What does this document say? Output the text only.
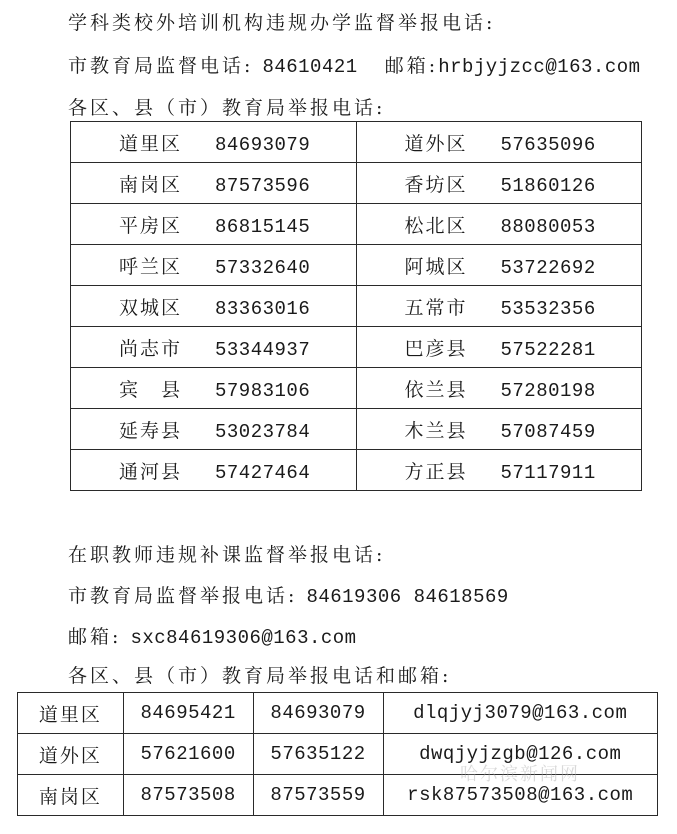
学科类校外培训机构违规办学监督举报电话:
市教育局监督电话: 84610421 邮箱:hrbjyjzcc@163.com
各区、县（市）教育局举报电话:
道里区 84693079	道外区 57635096
南岗区 87573596	香坊区 51860126
平房区 86815145	松北区 88080053
呼兰区 57332640	阿城区 53722692
双城区 83363016	五常市 53532356
尚志市 53344937	巴彦县 57522281
宾　县 57983106	依兰县 57280198
延寿县 53023784	木兰县 57087459
通河县 57427464	方正县 57117911
在职教师违规补课监督举报电话:
市教育局监督举报电话: 84619306 84618569
邮箱: sxc84619306@163.com
各区、县（市）教育局举报电话和邮箱:
道里区	84695421	84693079	dlqjyj3079@163.com
道外区	57621600	57635122	dwqjyjzgb@126.com
南岗区	87573508	87573559	rsk87573508@163.com
哈尔滨新闻网
